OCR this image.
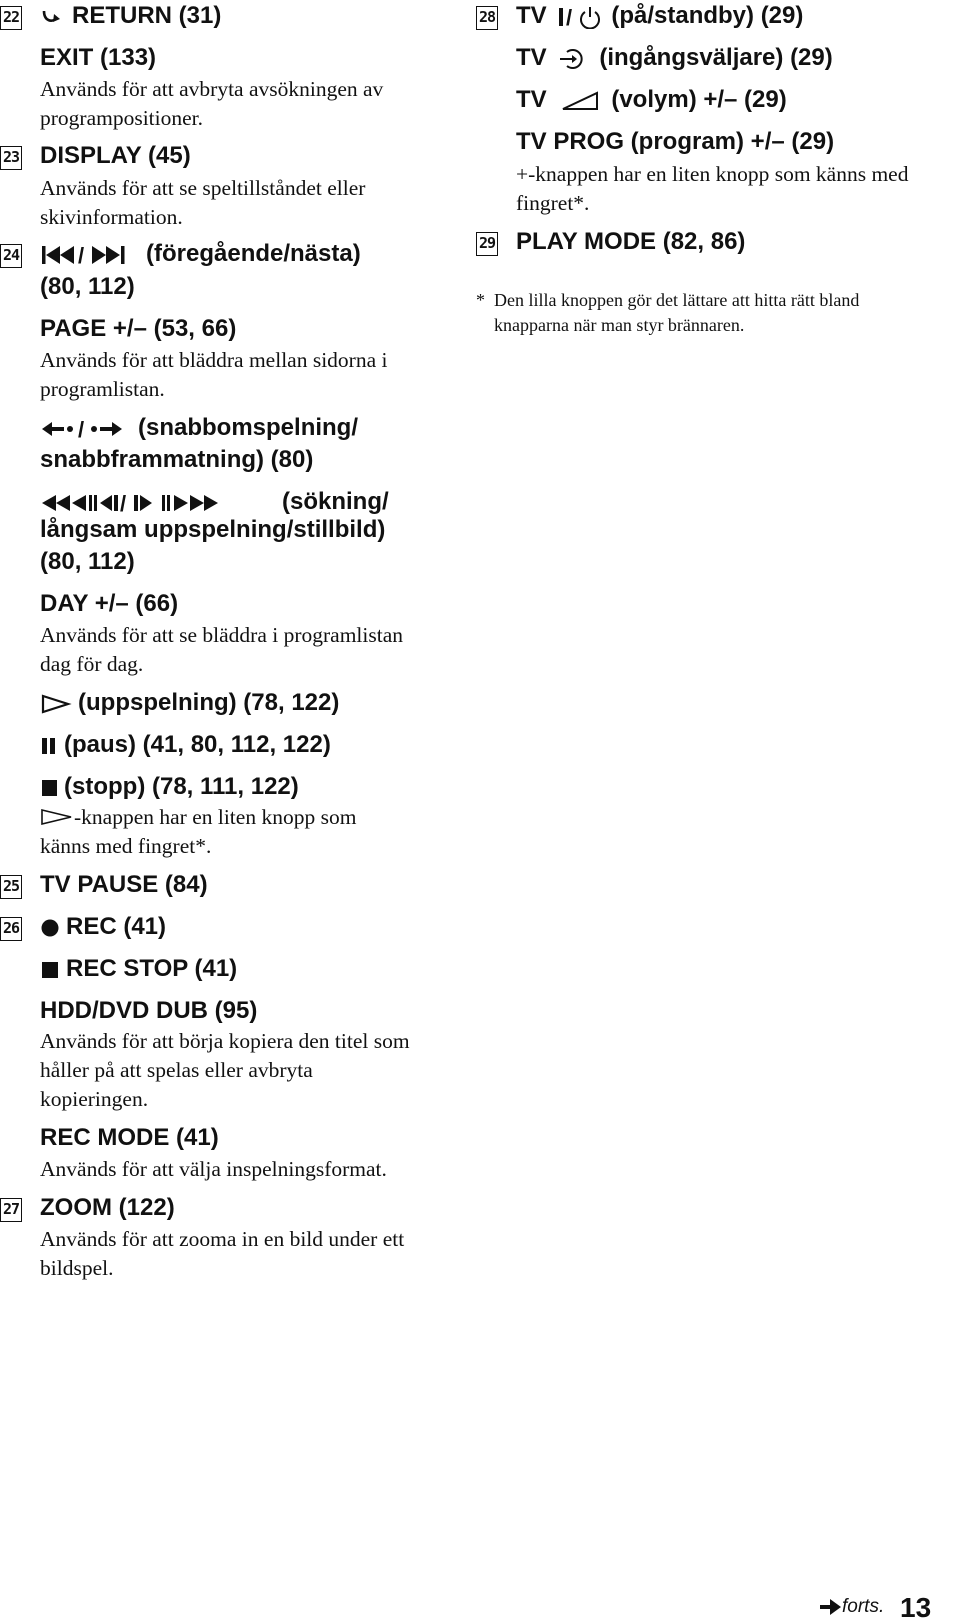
22	RETURN (31)
EXIT (133)
Används för att avbryta avsökningen av programpositioner.
23 DISPLAY (45)
Används för att se speltillståndet eller skivinformation.
24	/	(föregående/nästa)
(80, 112)
PAGE +/– (53, 66)
Används för att bläddra mellan sidorna i programlistan.
/ (snabbomspelning/
snabbframmatning) (80)
/	(sökning/
långsam uppspelning/stillbild)
(80, 112)
DAY +/– (66)
Används för att se bläddra i programlistan dag för dag.
(uppspelning) (78, 122)
(paus) (41, 80, 112, 122)
(stopp) (78, 111, 122)
-knappen har en liten knopp som
känns med fingret*.
25 TV PAUSE (84)
26	REC (41)
REC STOP (41)
HDD/DVD DUB (95)
Används för att börja kopiera den titel som håller på att spelas eller avbryta kopieringen.
REC MODE (41)
Används för att välja inspelningsformat.
27 ZOOM (122)
Används för att zooma in en bild under ett bildspel.
28 TV / (på/standby) (29)
TV (ingångsväljare) (29)
TV	(volym) +/– (29)
TV PROG (program) +/– (29)
+-knappen har en liten knopp som känns med fingret*.
29 PLAY MODE (82, 86)
* Den lilla knoppen gör det lättare att hitta rätt bland knapparna när man styr brännaren.
forts. 13
